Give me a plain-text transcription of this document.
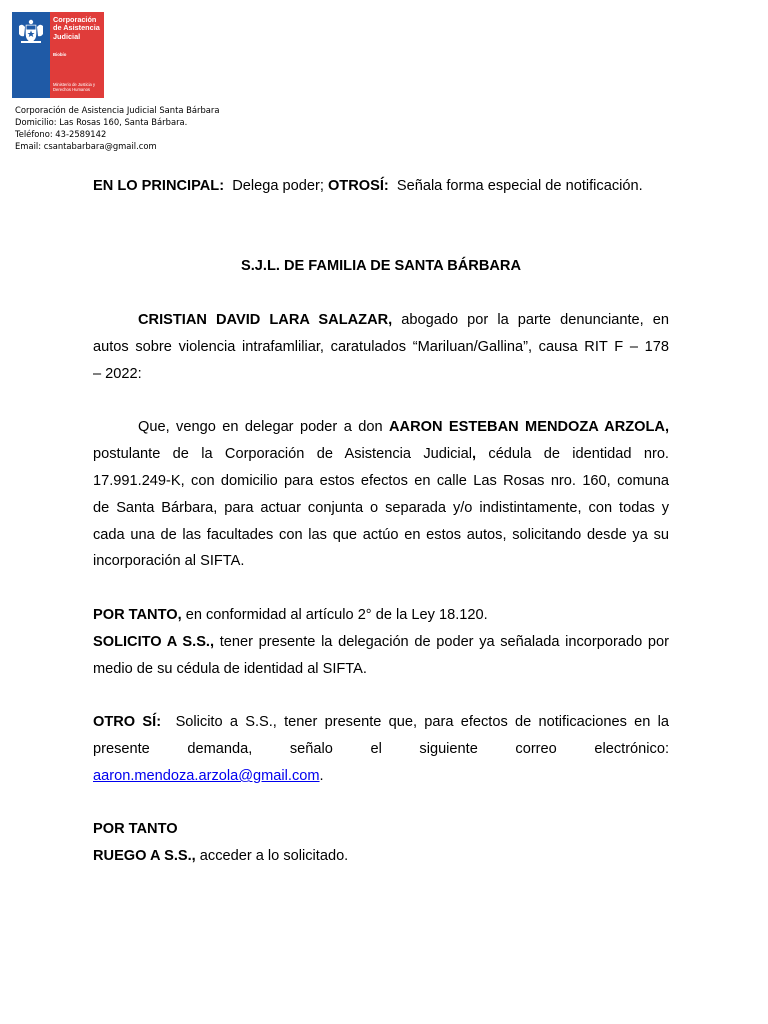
Corporación de Asistencia Judicial
Biobío
Ministerio de Justicia y Derechos Humanos
Corporación de Asistencia Judicial Santa Bárbara
Domicilio: Las Rosas 160, Santa Bárbara.
Teléfono: 43-2589142
Email: csantabarbara@gmail.com
EN LO PRINCIPAL: Delega poder; OTROSÍ: Señala forma especial de notificación.
S.J.L. DE FAMILIA DE SANTA BÁRBARA
CRISTIAN DAVID LARA SALAZAR, abogado por la parte denunciante, en
autos sobre violencia intrafamliliar, caratulados “Mariluan/Gallina”, causa RIT F – 178
– 2022:
Que, vengo en delegar poder a don AARON ESTEBAN MENDOZA ARZOLA,
postulante de la Corporación de Asistencia Judicial, cédula de identidad nro.
17.991.249-K, con domicilio para estos efectos en calle Las Rosas nro. 160, comuna
de Santa Bárbara, para actuar conjunta o separada y/o indistintamente, con todas y
cada una de las facultades con las que actúo en estos autos, solicitando desde ya su
incorporación al SIFTA.
POR TANTO, en conformidad al artículo 2° de la Ley 18.120.
SOLICITO A S.S., tener presente la delegación de poder ya señalada incorporado por
medio de su cédula de identidad al SIFTA.
OTRO SÍ: Solicito a S.S., tener presente que, para efectos de notificaciones en la
presente demanda, señalo el siguiente correo electrónico:
aaron.mendoza.arzola@gmail.com.
POR TANTO
RUEGO A S.S., acceder a lo solicitado.
